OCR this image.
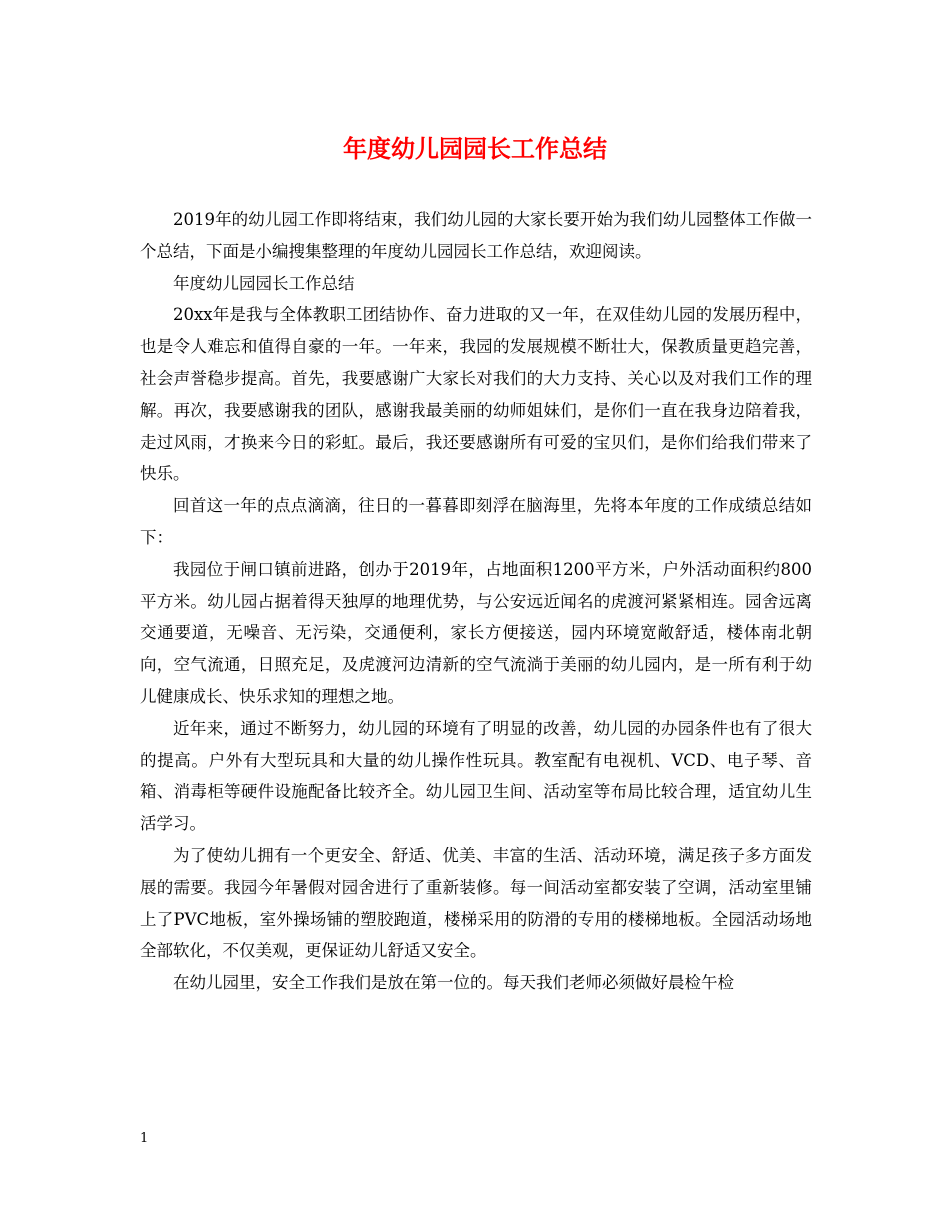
年度幼儿园园长工作总结

2019年的幼儿园工作即将结束，我们幼儿园的大家长要开始为我们幼儿园整体工作做一个总结，下面是小编搜集整理的年度幼儿园园长工作总结，欢迎阅读。

年度幼儿园园长工作总结

20xx年是我与全体教职工团结协作、奋力进取的又一年，在双佳幼儿园的发展历程中，也是令人难忘和值得自豪的一年。一年来，我园的发展规模不断壮大，保教质量更趋完善，社会声誉稳步提高。首先，我要感谢广大家长对我们的大力支持、关心以及对我们工作的理解。再次，我要感谢我的团队，感谢我最美丽的幼师姐妹们，是你们一直在我身边陪着我，走过风雨，才换来今日的彩虹。最后，我还要感谢所有可爱的宝贝们，是你们给我们带来了快乐。

回首这一年的点点滴滴，往日的一暮暮即刻浮在脑海里，先将本年度的工作成绩总结如下：

我园位于闸口镇前进路，创办于2019年，占地面积1200平方米，户外活动面积约800平方米。幼儿园占据着得天独厚的地理优势，与公安远近闻名的虎渡河紧紧相连。园舍远离交通要道，无噪音、无污染，交通便利，家长方便接送，园内环境宽敞舒适，楼体南北朝向，空气流通，日照充足，及虎渡河边清新的空气流淌于美丽的幼儿园内，是一所有利于幼儿健康成长、快乐求知的理想之地。

近年来，通过不断努力，幼儿园的环境有了明显的改善，幼儿园的办园条件也有了很大的提高。户外有大型玩具和大量的幼儿操作性玩具。教室配有电视机、VCD、电子琴、音箱、消毒柜等硬件设施配备比较齐全。幼儿园卫生间、活动室等布局比较合理，适宜幼儿生活学习。

为了使幼儿拥有一个更安全、舒适、优美、丰富的生活、活动环境，满足孩子多方面发展的需要。我园今年暑假对园舍进行了重新装修。每一间活动室都安装了空调，活动室里铺上了PVC地板，室外操场铺的塑胶跑道，楼梯采用的防滑的专用的楼梯地板。全园活动场地全部软化，不仅美观，更保证幼儿舒适又安全。

在幼儿园里，安全工作我们是放在第一位的。每天我们老师必须做好晨检午检

1
